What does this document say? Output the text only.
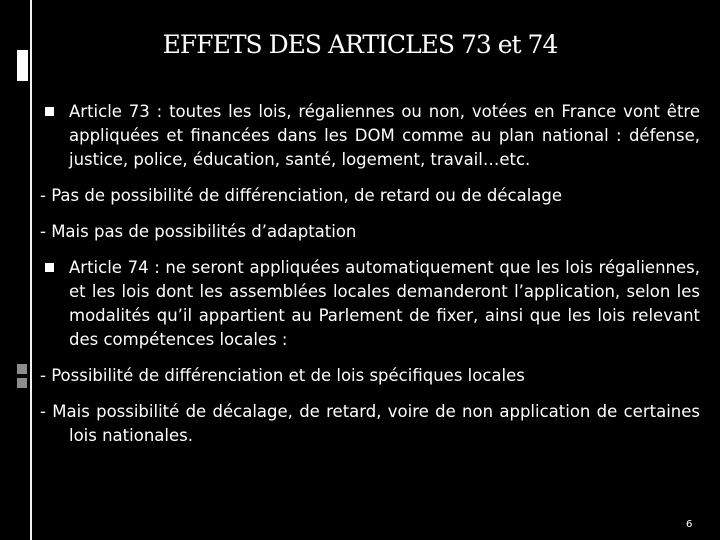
EFFETS DES ARTICLES 73 et 74

Article 73 : toutes les lois, régaliennes ou non, votées en France vont être appliquées et financées dans les DOM comme au plan national : défense, justice, police, éducation, santé, logement, travail…etc.

- Pas de possibilité de différenciation, de retard ou de décalage

- Mais pas de possibilités d’adaptation

Article 74 : ne seront appliquées automatiquement que les lois régaliennes, et les lois dont les assemblées locales demanderont l’application, selon les modalités qu’il appartient au Parlement de fixer, ainsi que les lois relevant des compétences locales :

- Possibilité de différenciation et de lois spécifiques locales

- Mais possibilité de décalage, de retard, voire de non application de certaines lois nationales.

6
